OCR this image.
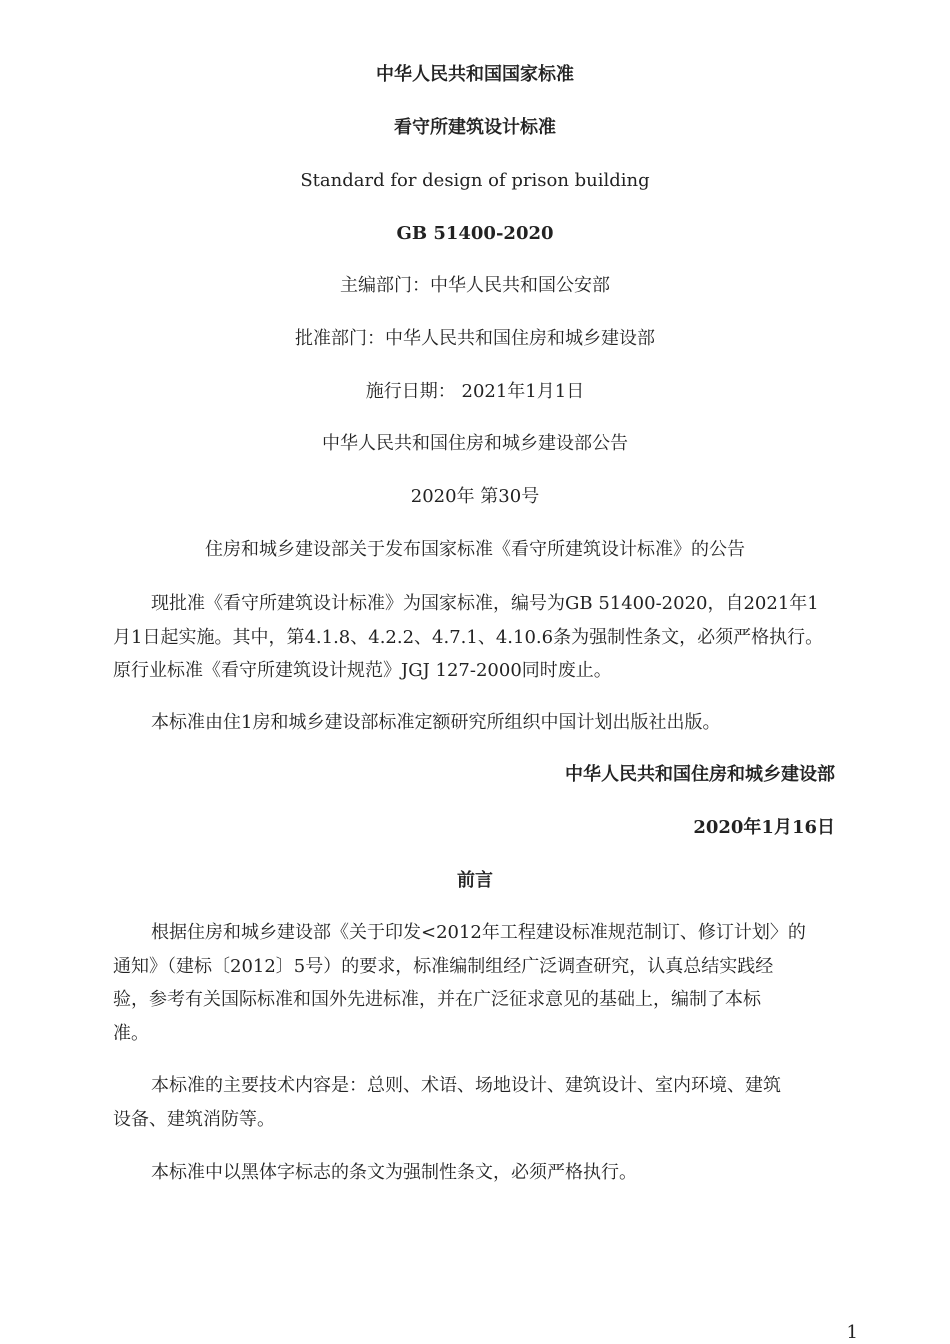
中华人民共和国国家标准
看守所建筑设计标准
Standard for design of prison building
GB 51400-2020
主编部门：中华人民共和国公安部
批准部门：中华人民共和国住房和城乡建设部
施行日期： 2021年1月1日
中华人民共和国住房和城乡建设部公告
2020年 第30号
住房和城乡建设部关于发布国家标准《看守所建筑设计标准》的公告
现批准《看守所建筑设计标准》为国家标准，编号为GB 51400-2020，自2021年1
月1日起实施。其中，第4.1.8、4.2.2、4.7.1、4.10.6条为强制性条文，必须严格执行。
原行业标准《看守所建筑设计规范》JGJ 127-2000同时废止。
本标准由住1房和城乡建设部标准定额研究所组织中国计划出版社出版。
中华人民共和国住房和城乡建设部
2020年1月16日
前言
根据住房和城乡建设部《关于印发<2012年工程建设标准规范制订、修订计划〉的
通知》（建标〔2012〕5号）的要求，标准编制组经广泛调查研究，认真总结实践经
验，参考有关国际标准和国外先进标准，并在广泛征求意见的基础上，编制了本标
准。
本标准的主要技术内容是：总则、术语、场地设计、建筑设计、室内环境、建筑
设备、建筑消防等。
本标准中以黑体字标志的条文为强制性条文，必须严格执行。
1
